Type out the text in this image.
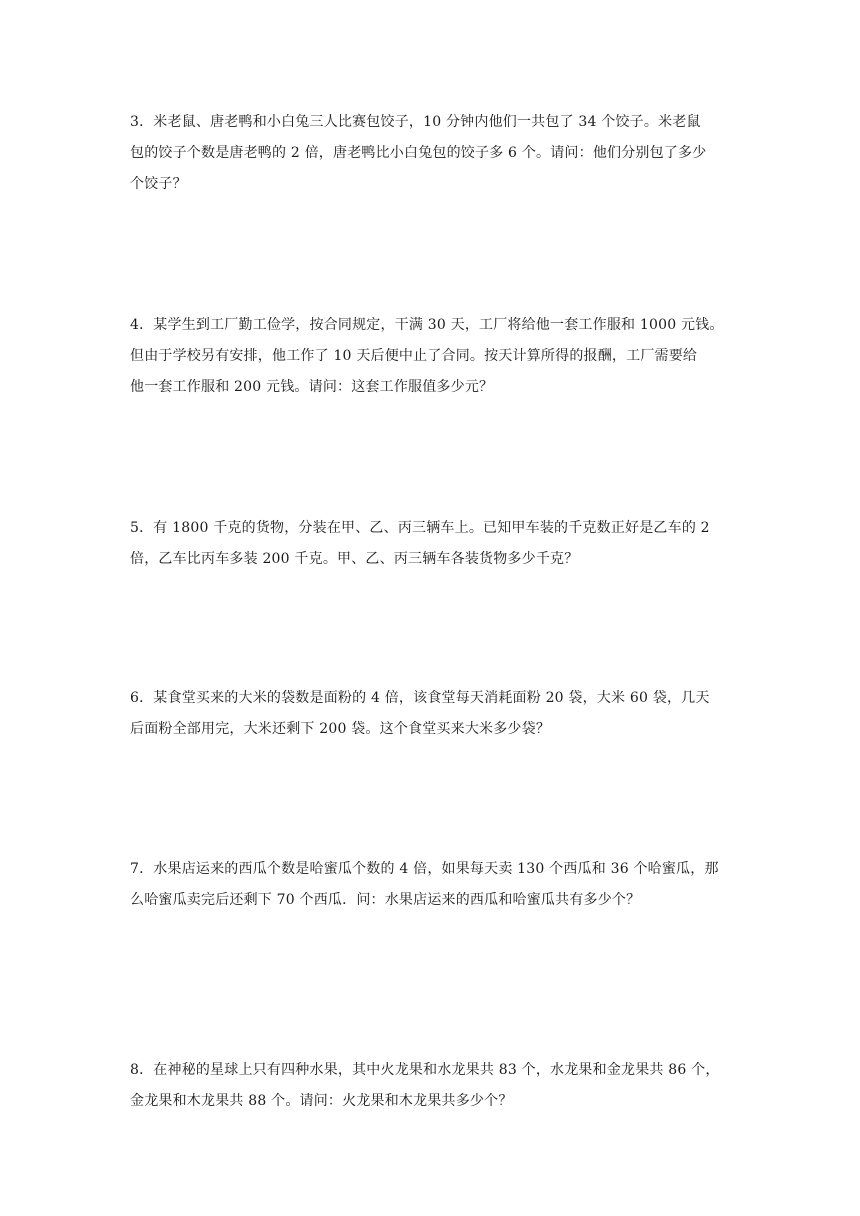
3．米老鼠、唐老鸭和小白兔三人比赛包饺子，10 分钟内他们一共包了 34 个饺子。米老鼠
包的饺子个数是唐老鸭的 2 倍，唐老鸭比小白兔包的饺子多 6 个。请问：他们分别包了多少
个饺子？
4．某学生到工厂勤工俭学，按合同规定，干满 30 天，工厂将给他一套工作服和 1000 元钱。
但由于学校另有安排，他工作了 10 天后便中止了合同。按天计算所得的报酬，工厂需要给
他一套工作服和 200 元钱。请问：这套工作服值多少元？
5．有 1800 千克的货物，分装在甲、乙、丙三辆车上。已知甲车装的千克数正好是乙车的 2
倍，乙车比丙车多装 200 千克。甲、乙、丙三辆车各装货物多少千克？
6．某食堂买来的大米的袋数是面粉的 4 倍，该食堂每天消耗面粉 20 袋，大米 60 袋，几天
后面粉全部用完，大米还剩下 200 袋。这个食堂买来大米多少袋？
7．水果店运来的西瓜个数是哈蜜瓜个数的 4 倍，如果每天卖 130 个西瓜和 36 个哈蜜瓜，那
么哈蜜瓜卖完后还剩下 70 个西瓜．问：水果店运来的西瓜和哈蜜瓜共有多少个？
8．在神秘的星球上只有四种水果，其中火龙果和水龙果共 83 个，水龙果和金龙果共 86 个，
金龙果和木龙果共 88 个。请问：火龙果和木龙果共多少个？
